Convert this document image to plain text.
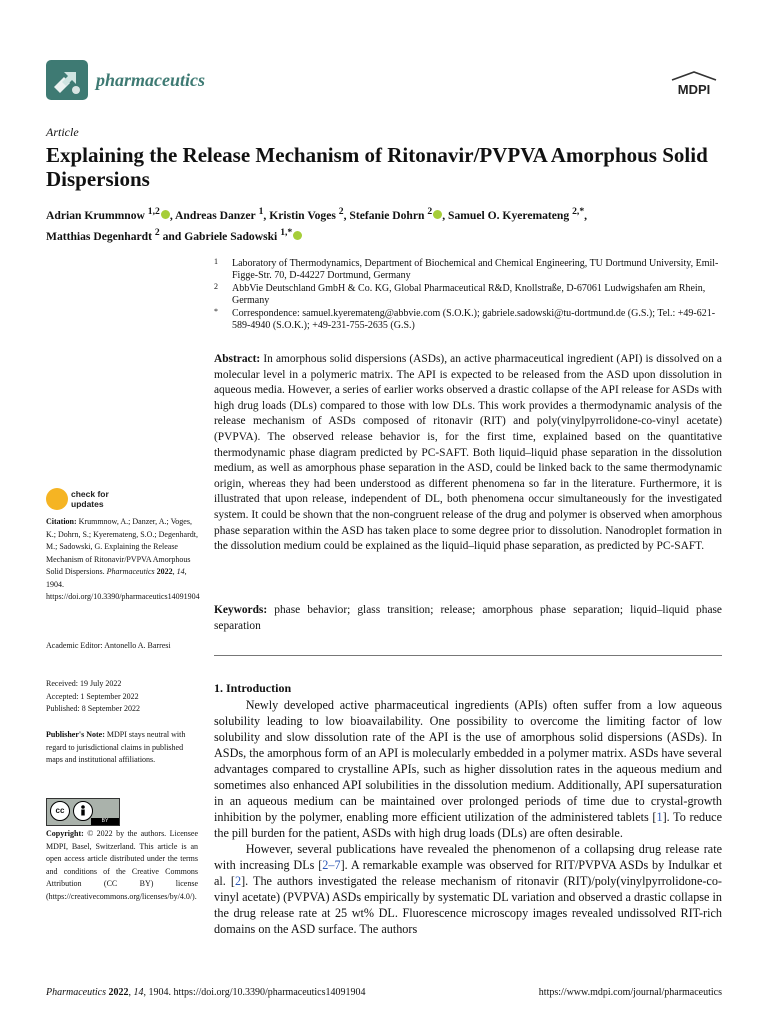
pharmaceutics	MDPI
Article
Explaining the Release Mechanism of Ritonavir/PVPVA Amorphous Solid Dispersions
Adrian Krummnow $^{1,2}$ , Andreas Danzer $^1$, Kristin Voges $^2$, Stefanie Dohrn $^2$ , Samuel O. Kyeremateng $^{2,*}$,
Matthias Degenhardt $^2$ and Gabriele Sadowski $^{1,*}$
1 Laboratory of Thermodynamics, Department of Biochemical and Chemical Engineering, TU Dortmund University, Emil-Figge-Str. 70, D-44227 Dortmund, Germany
2 AbbVie Deutschland GmbH & Co. KG, Global Pharmaceutical R&D, Knollstraße, D-67061 Ludwigshafen am Rhein, Germany
* Correspondence: samuel.kyeremateng@abbvie.com (S.O.K.); gabriele.sadowski@tu-dortmund.de (G.S.); Tel.: +49-621-589-4940 (S.O.K.); +49-231-755-2635 (G.S.)
Abstract: In amorphous solid dispersions (ASDs), an active pharmaceutical ingredient (API) is dissolved on a molecular level in a polymeric matrix. The API is expected to be released from the ASD upon dissolution in aqueous media. However, a series of earlier works observed a drastic collapse of the API release for ASDs with high drug loads (DLs) compared to those with low DLs. This work provides a thermodynamic analysis of the release mechanism of ASDs composed of ritonavir (RIT) and poly(vinylpyrrolidone-co-vinyl acetate) (PVPVA). The observed release behavior is, for the first time, explained based on the quantitative thermodynamic phase diagram predicted by PC-SAFT. Both liquid–liquid phase separation in the dissolution medium, as well as amorphous phase separation in the ASD, could be linked back to the same thermodynamic origin, whereas they had been understood as different phenomena so far in the literature. Furthermore, it is illustrated that upon release, independent of DL, both phenomena occur simultaneously for the investigated system. It could be shown that the non-congruent release of the drug and polymer is observed when amorphous phase separation within the ASD has taken place to some degree prior to dissolution. Nanodroplet formation in the dissolution medium could be explained as the liquid–liquid phase separation, as predicted by PC-SAFT.
Keywords: phase behavior; glass transition; release; amorphous phase separation; liquid–liquid phase separation
check for
updates
Citation: Krummnow, A.; Danzer, A.; Voges, K.; Dohrn, S.; Kyeremateng, S.O.; Degenhardt, M.; Sadowski, G. Explaining the Release Mechanism of Ritonavir/PVPVA Amorphous Solid Dispersions. Pharmaceutics 2022, 14, 1904. https://doi.org/10.3390/pharmaceutics14091904
Academic Editor: Antonello A. Barresi
Received: 19 July 2022
Accepted: 1 September 2022
Published: 8 September 2022
Publisher's Note: MDPI stays neutral with regard to jurisdictional claims in published maps and institutional affiliations.
cc
BY
Copyright: © 2022 by the authors. Licensee MDPI, Basel, Switzerland. This article is an open access article distributed under the terms and conditions of the Creative Commons Attribution (CC BY) license (https://creativecommons.org/licenses/by/4.0/).
1. Introduction

Newly developed active pharmaceutical ingredients (APIs) often suffer from a low aqueous solubility leading to low bioavailability. One possibility to overcome the limiting factor of low solubility and slow dissolution rate of the API is the use of amorphous solid dispersions (ASDs). In ASDs, the amorphous form of an API is molecularly embedded in a polymer matrix. ASDs have several advantages compared to crystalline APIs, such as higher dissolution rates in the aqueous medium and sometimes also enhanced API solubilities in the dissolution medium. Additionally, API supersaturation in an aqueous medium can be maintained over prolonged periods of time due to crystal-growth inhibition by the polymer, enabling more efficient utilization of the administered tablets [1]. To reduce the pill burden for the patient, ASDs with high drug loads (DLs) are often desirable.

However, several publications have revealed the phenomenon of a collapsing drug release rate with increasing DLs [2–7]. A remarkable example was observed for RIT/PVPVA ASDs by Indulkar et al. [2]. The authors investigated the release mechanism of ritonavir (RIT)/poly(vinylpyrrolidone-co-vinyl acetate) (PVPVA) ASDs empirically by systematic DL variation and observed a drastic collapse in the drug release rate at 25 wt% DL. Fluorescence microscopy images revealed undissolved RIT-rich domains on the ASD surface. The authors

Pharmaceutics 2022, 14, 1904. https://doi.org/10.3390/pharmaceutics14091904	https://www.mdpi.com/journal/pharmaceutics
